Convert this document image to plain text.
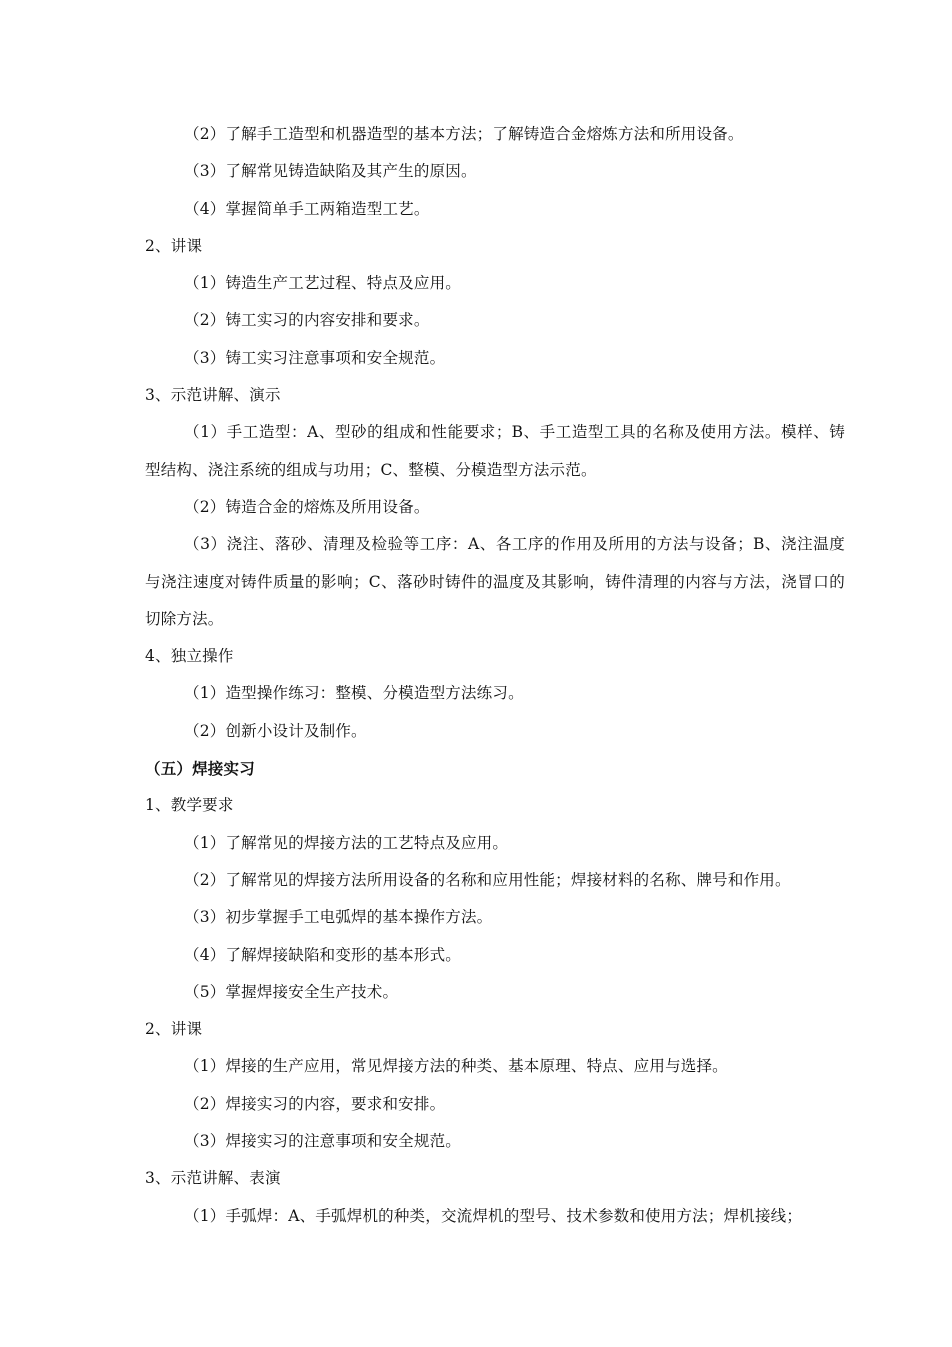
（2）了解手工造型和机器造型的基本方法；了解铸造合金熔炼方法和所用设备。
（3）了解常见铸造缺陷及其产生的原因。
（4）掌握简单手工两箱造型工艺。
2、讲课
（1）铸造生产工艺过程、特点及应用。
（2）铸工实习的内容安排和要求。
（3）铸工实习注意事项和安全规范。
3、示范讲解、演示
（1）手工造型：A、型砂的组成和性能要求；B、手工造型工具的名称及使用方法。模样、铸型结构、浇注系统的组成与功用；C、整模、分模造型方法示范。
（2）铸造合金的熔炼及所用设备。
（3）浇注、落砂、清理及检验等工序：A、各工序的作用及所用的方法与设备；B、浇注温度与浇注速度对铸件质量的影响；C、落砂时铸件的温度及其影响，铸件清理的内容与方法，浇冒口的切除方法。
4、独立操作
（1）造型操作练习：整模、分模造型方法练习。
（2）创新小设计及制作。
（五）焊接实习
1、教学要求
（1）了解常见的焊接方法的工艺特点及应用。
（2）了解常见的焊接方法所用设备的名称和应用性能；焊接材料的名称、牌号和作用。
（3）初步掌握手工电弧焊的基本操作方法。
（4）了解焊接缺陷和变形的基本形式。
（5）掌握焊接安全生产技术。
2、讲课
（1）焊接的生产应用，常见焊接方法的种类、基本原理、特点、应用与选择。
（2）焊接实习的内容，要求和安排。
（3）焊接实习的注意事项和安全规范。
3、示范讲解、表演
（1）手弧焊：A、手弧焊机的种类，交流焊机的型号、技术参数和使用方法；焊机接线；
